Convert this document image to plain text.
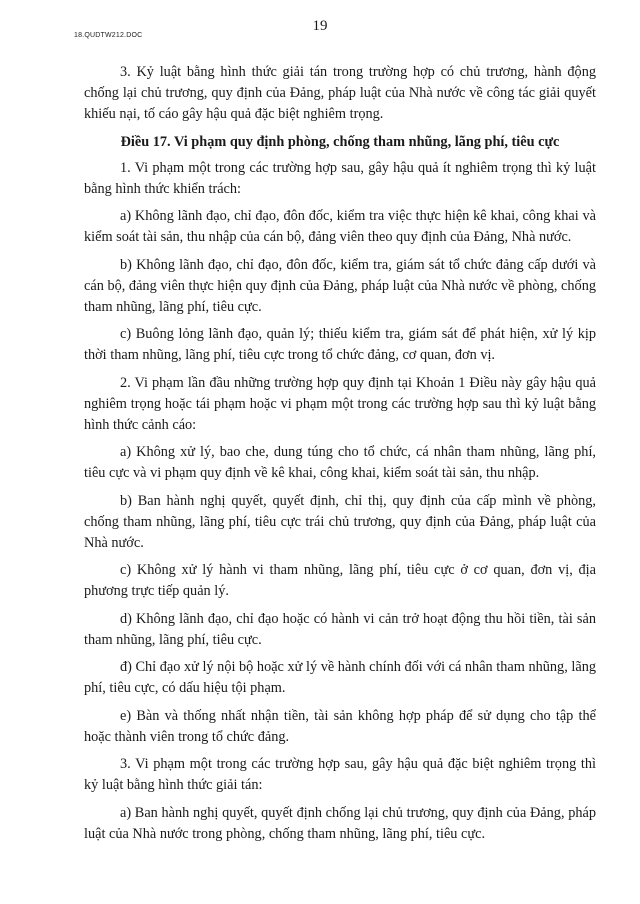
18.QUDTW212.DOC
19

3. Kỷ luật bằng hình thức giải tán trong trường hợp có chủ trương, hành động chống lại chủ trương, quy định của Đảng, pháp luật của Nhà nước về công tác giải quyết khiếu nại, tố cáo gây hậu quả đặc biệt nghiêm trọng.

Điều 17. Vi phạm quy định phòng, chống tham nhũng, lãng phí, tiêu cực

1. Vi phạm một trong các trường hợp sau, gây hậu quả ít nghiêm trọng thì kỷ luật bằng hình thức khiển trách:

a) Không lãnh đạo, chỉ đạo, đôn đốc, kiểm tra việc thực hiện kê khai, công khai và kiểm soát tài sản, thu nhập của cán bộ, đảng viên theo quy định của Đảng, Nhà nước.

b) Không lãnh đạo, chỉ đạo, đôn đốc, kiểm tra, giám sát tổ chức đảng cấp dưới và cán bộ, đảng viên thực hiện quy định của Đảng, pháp luật của Nhà nước về phòng, chống tham nhũng, lãng phí, tiêu cực.

c) Buông lỏng lãnh đạo, quản lý; thiếu kiểm tra, giám sát để phát hiện, xử lý kịp thời tham nhũng, lãng phí, tiêu cực trong tổ chức đảng, cơ quan, đơn vị.

2. Vi phạm lần đầu những trường hợp quy định tại Khoản 1 Điều này gây hậu quả nghiêm trọng hoặc tái phạm hoặc vi phạm một trong các trường hợp sau thì kỷ luật bằng hình thức cảnh cáo:

a) Không xử lý, bao che, dung túng cho tổ chức, cá nhân tham nhũng, lãng phí, tiêu cực và vi phạm quy định về kê khai, công khai, kiểm soát tài sản, thu nhập.

b) Ban hành nghị quyết, quyết định, chỉ thị, quy định của cấp mình về phòng, chống tham nhũng, lãng phí, tiêu cực trái chủ trương, quy định của Đảng, pháp luật của Nhà nước.

c) Không xử lý hành vi tham nhũng, lãng phí, tiêu cực ở cơ quan, đơn vị, địa phương trực tiếp quản lý.

d) Không lãnh đạo, chỉ đạo hoặc có hành vi cản trở hoạt động thu hồi tiền, tài sản tham nhũng, lãng phí, tiêu cực.

đ) Chỉ đạo xử lý nội bộ hoặc xử lý về hành chính đối với cá nhân tham nhũng, lãng phí, tiêu cực, có dấu hiệu tội phạm.

e) Bàn và thống nhất nhận tiền, tài sản không hợp pháp để sử dụng cho tập thể hoặc thành viên trong tổ chức đảng.

3. Vi phạm một trong các trường hợp sau, gây hậu quả đặc biệt nghiêm trọng thì kỷ luật bằng hình thức giải tán:

a) Ban hành nghị quyết, quyết định chống lại chủ trương, quy định của Đảng, pháp luật của Nhà nước trong phòng, chống tham nhũng, lãng phí, tiêu cực.
